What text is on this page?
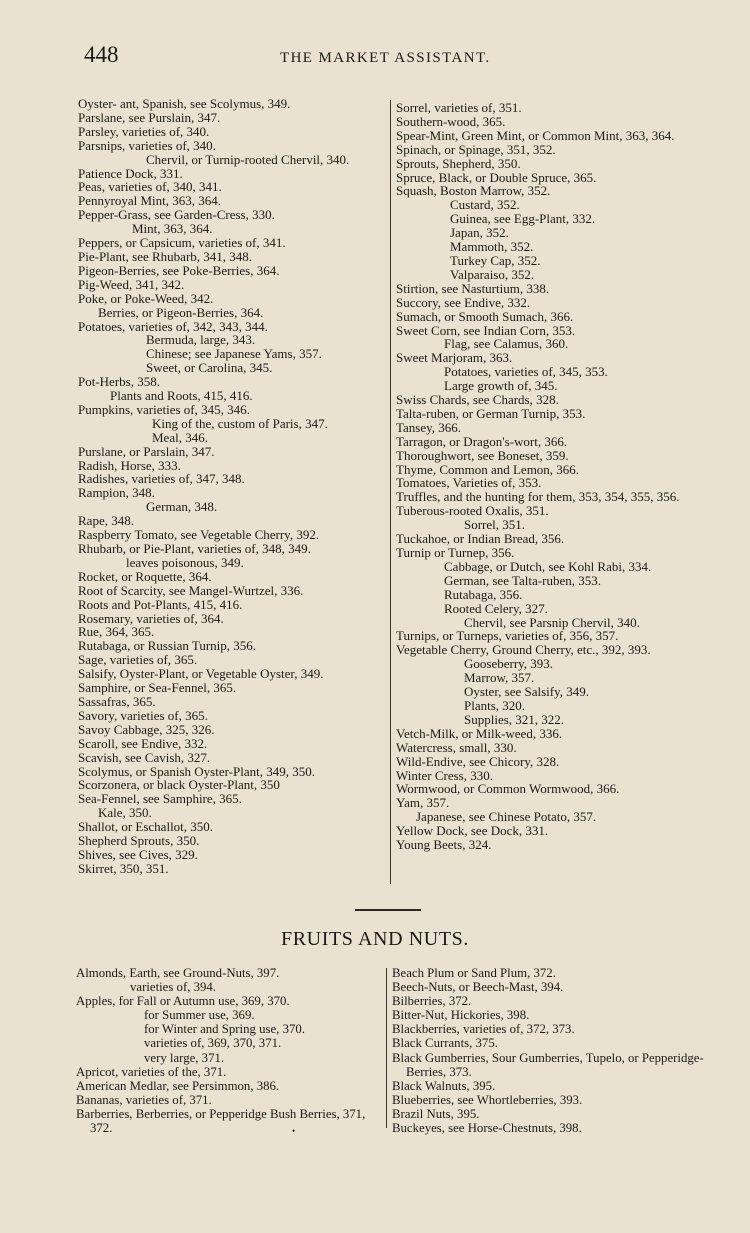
448	THE MARKET ASSISTANT.
Oyster- ant, Spanish, see Scolymus, 349.
Parslane, see Purslain, 347.
Parsley, varieties of, 340.
Parsnips, varieties of, 340.
Chervil, or Turnip-rooted Chervil, 340.
Patience Dock, 331.
Peas, varieties of, 340, 341.
Pennyroyal Mint, 363, 364.
Pepper-Grass, see Garden-Cress, 330.
Mint, 363, 364.
Peppers, or Capsicum, varieties of, 341.
Pie-Plant, see Rhubarb, 341, 348.
Pigeon-Berries, see Poke-Berries, 364.
Pig-Weed, 341, 342.
Poke, or Poke-Weed, 342.
Berries, or Pigeon-Berries, 364.
Potatoes, varieties of, 342, 343, 344.
Bermuda, large, 343.
Chinese; see Japanese Yams, 357.
Sweet, or Carolina, 345.
Pot-Herbs, 358.
Plants and Roots, 415, 416.
Pumpkins, varieties of, 345, 346.
King of the, custom of Paris, 347.
Meal, 346.
Purslane, or Parslain, 347.
Radish, Horse, 333.
Radishes, varieties of, 347, 348.
Rampion, 348.
German, 348.
Rape, 348.
Raspberry Tomato, see Vegetable Cherry, 392.
Rhubarb, or Pie-Plant, varieties of, 348, 349.
leaves poisonous, 349.
Rocket, or Roquette, 364.
Root of Scarcity, see Mangel-Wurtzel, 336.
Roots and Pot-Plants, 415, 416.
Rosemary, varieties of, 364.
Rue, 364, 365.
Rutabaga, or Russian Turnip, 356.
Sage, varieties of, 365.
Salsify, Oyster-Plant, or Vegetable Oyster, 349.
Samphire, or Sea-Fennel, 365.
Sassafras, 365.
Savory, varieties of, 365.
Savoy Cabbage, 325, 326.
Scaroll, see Endive, 332.
Scavish, see Cavish, 327.
Scolymus, or Spanish Oyster-Plant, 349, 350.
Scorzonera, or black Oyster-Plant, 350
Sea-Fennel, see Samphire, 365.
Kale, 350.
Shallot, or Eschallot, 350.
Shepherd Sprouts, 350.
Shives, see Cives, 329.
Skirret, 350, 351.
Sorrel, varieties of, 351.
Southern-wood, 365.
Spear-Mint, Green Mint, or Common Mint, 363, 364.
Spinach, or Spinage, 351, 352.
Sprouts, Shepherd, 350.
Spruce, Black, or Double Spruce, 365.
Squash, Boston Marrow, 352.
Custard, 352.
Guinea, see Egg-Plant, 332.
Japan, 352.
Mammoth, 352.
Turkey Cap, 352.
Valparaiso, 352.
Stirtion, see Nasturtium, 338.
Succory, see Endive, 332.
Sumach, or Smooth Sumach, 366.
Sweet Corn, see Indian Corn, 353.
Flag, see Calamus, 360.
Sweet Marjoram, 363.
Potatoes, varieties of, 345, 353.
Large growth of, 345.
Swiss Chards, see Chards, 328.
Talta-ruben, or German Turnip, 353.
Tansey, 366.
Tarragon, or Dragon's-wort, 366.
Thoroughwort, see Boneset, 359.
Thyme, Common and Lemon, 366.
Tomatoes, Varieties of, 353.
Truffles, and the hunting for them, 353, 354, 355, 356.
Tuberous-rooted Oxalis, 351.
Sorrel, 351.
Tuckahoe, or Indian Bread, 356.
Turnip or Turnep, 356.
Cabbage, or Dutch, see Kohl Rabi, 334.
German, see Talta-ruben, 353.
Rutabaga, 356.
Rooted Celery, 327.
Chervil, see Parsnip Chervil, 340.
Turnips, or Turneps, varieties of, 356, 357.
Vegetable Cherry, Ground Cherry, etc., 392, 393.
Gooseberry, 393.
Marrow, 357.
Oyster, see Salsify, 349.
Plants, 320.
Supplies, 321, 322.
Vetch-Milk, or Milk-weed, 336.
Watercress, small, 330.
Wild-Endive, see Chicory, 328.
Winter Cress, 330.
Wormwood, or Common Wormwood, 366.
Yam, 357.
Japanese, see Chinese Potato, 357.
Yellow Dock, see Dock, 331.
Young Beets, 324.
FRUITS AND NUTS.
Almonds, Earth, see Ground-Nuts, 397.
varieties of, 394.
Apples, for Fall or Autumn use, 369, 370.
for Summer use, 369.
for Winter and Spring use, 370.
varieties of, 369, 370, 371.
very large, 371.
Apricot, varieties of the, 371.
American Medlar, see Persimmon, 386.
Bananas, varieties of, 371.
Barberries, Berberries, or Pepperidge Bush Berries, 371, 372.
Beach Plum or Sand Plum, 372.
Beech-Nuts, or Beech-Mast, 394.
Bilberries, 372.
Bitter-Nut, Hickories, 398.
Blackberries, varieties of, 372, 373.
Black Currants, 375.
Black Gumberries, Sour Gumberries, Tupelo, or Pepperidge-Berries, 373.
Black Walnuts, 395.
Blueberries, see Whortleberries, 393.
Brazil Nuts, 395.
Buckeyes, see Horse-Chestnuts, 398.
•
